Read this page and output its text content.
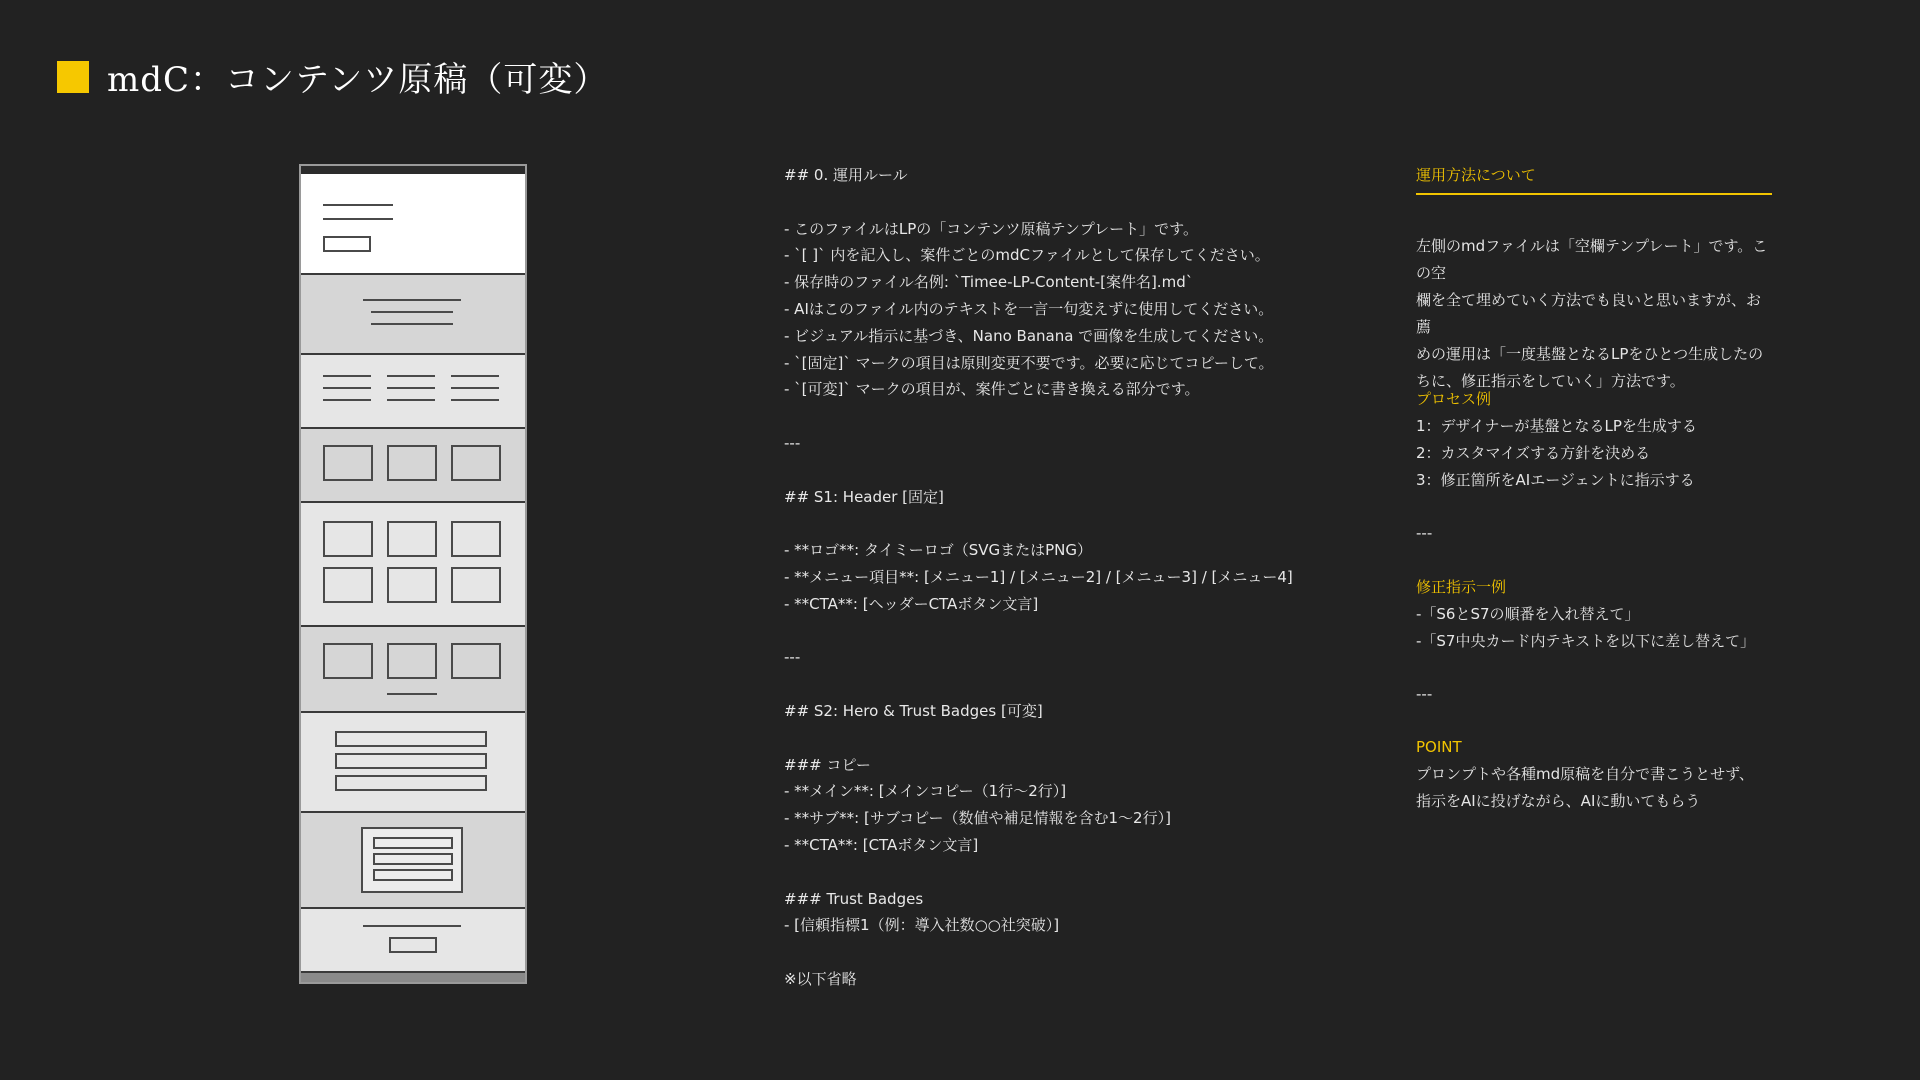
mdC：コンテンツ原稿（可変）
## 0. 運用ルール
- このファイルはLPの「コンテンツ原稿テンプレート」です。
- `[ ]` 内を記入し、案件ごとのmdCファイルとして保存してください。
- 保存時のファイル名例: `Timee-LP-Content-[案件名].md`
- AIはこのファイル内のテキストを一言一句変えずに使用してください。
- ビジュアル指示に基づき、Nano Banana で画像を生成してください。
- `[固定]` マークの項目は原則変更不要です。必要に応じてコピーして。
- `[可変]` マークの項目が、案件ごとに書き換える部分です。
---
## S1: Header [固定]
- **ロゴ**: タイミーロゴ（SVGまたはPNG）
- **メニュー項目**: [メニュー1] / [メニュー2] / [メニュー3] / [メニュー4]
- **CTA**: [ヘッダーCTAボタン文言]
---
## S2: Hero & Trust Badges [可変]
### コピー
- **メイン**: [メインコピー（1行〜2行）]
- **サブ**: [サブコピー（数値や補足情報を含む1〜2行）]
- **CTA**: [CTAボタン文言]
### Trust Badges
- [信頼指標1（例：導入社数○○社突破）]
※以下省略
運用方法について
左側のmdファイルは「空欄テンプレート」です。この空
欄を全て埋めていく方法でも良いと思いますが、お薦
めの運用は「一度基盤となるLPをひとつ生成したの
ちに、修正指示をしていく」方法です。
プロセス例
1：デザイナーが基盤となるLPを生成する
2：カスタマイズする方針を決める
3：修正箇所をAIエージェントに指示する
---
修正指示一例
-「S6とS7の順番を入れ替えて」
-「S7中央カード内テキストを以下に差し替えて」
---
POINT
プロンプトや各種md原稿を自分で書こうとせず、
指示をAIに投げながら、AIに動いてもらう
